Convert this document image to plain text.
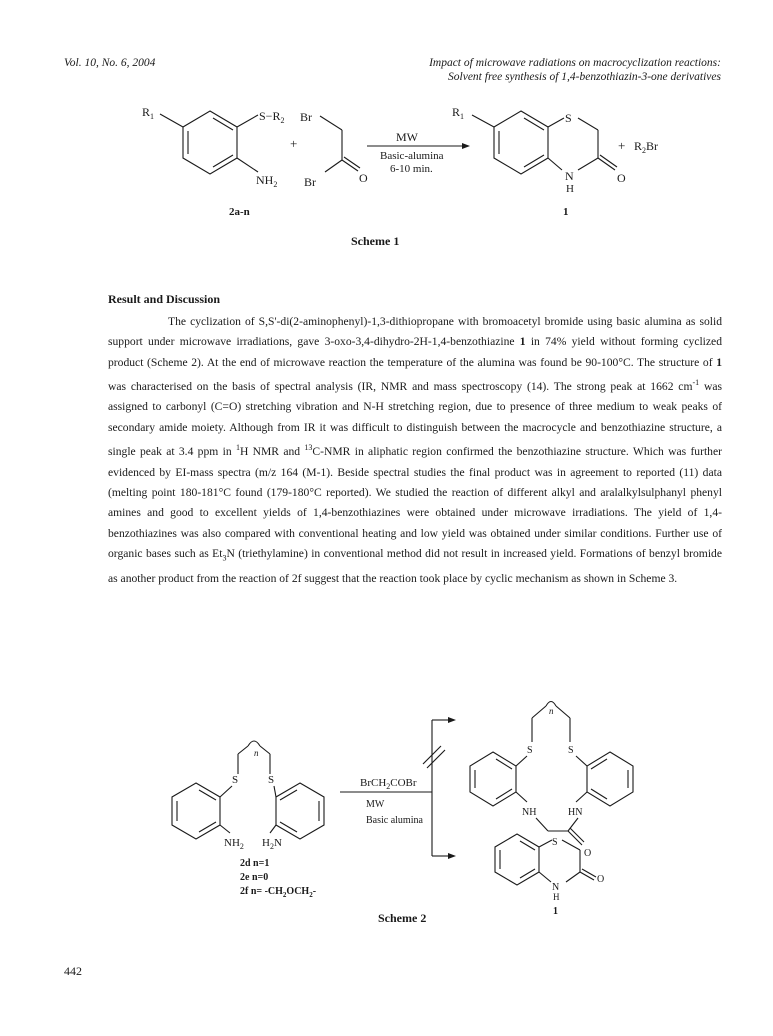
Vol. 10, No. 6, 2004	Impact of microwave radiations on macrocyclization reactions:
Solvent free synthesis of 1,4-benzothiazin-3-one derivatives
$R_1$	$S-R_2$
$NH_2$
+
Br
Br	O
MW
Basic-alumina
6-10 min.
2a-n
$R_1$	S
N
H
O
+ $R_2Br$
1
Scheme 1
Result and Discussion

The cyclization of S,S'-di(2-aminophenyl)-1,3-dithiopropane with bromoacetyl bromide using basic alumina as solid support under microwave irradiations, gave 3-oxo-3,4-dihydro-2H-1,4-benzothiazine 1 in 74% yield without forming cyclized product (Scheme 2). At the end of microwave reaction the temperature of the alumina was found be 90-100°C. The structure of 1 was characterised on the basis of spectral analysis (IR, NMR and mass spectroscopy (14). The strong peak at 1662 $cm^{-1}$ was assigned to carbonyl (C=O) stretching vibration and N-H stretching region, due to presence of three medium to weak peaks of secondary amide moiety. Although from IR it was difficult to distinguish between the macrocycle and benzothiazine structure, a single peak at 3.4 ppm in $^1$H NMR and $^{13}$C-NMR in aliphatic region confirmed the benzothiazine structure. Which was further evidenced by EI-mass spectra (m/z 164 (M-1). Beside spectral studies the final product was in agreement to reported (11) data (melting point 180-181°C found (179-180°C reported). We studied the reaction of different alkyl and aralalkylsulphanyl phenyl amines and good to excellent yields of 1,4-benzothiazines were obtained under microwave irradiations. The yield of 1,4-benzothiazines was also compared with conventional heating and low yield was obtained under similar conditions. Further use of organic bases such as $Et_3N$ (triethylamine) in conventional method did not result in increased yield. Formations of benzyl bromide as another product from the reaction of 2f suggest that the reaction took place by cyclic mechanism as shown in Scheme 3.

S	S
n
$NH_2$ $H_2N$
BrCH$_2$COBr
MW
Basic alumina
S	S
n
NH	HN
O
S
N
H
O
1
2d n=1
2e n=0
2f $n= -CH_2OCH_2-$
Scheme 2
442
